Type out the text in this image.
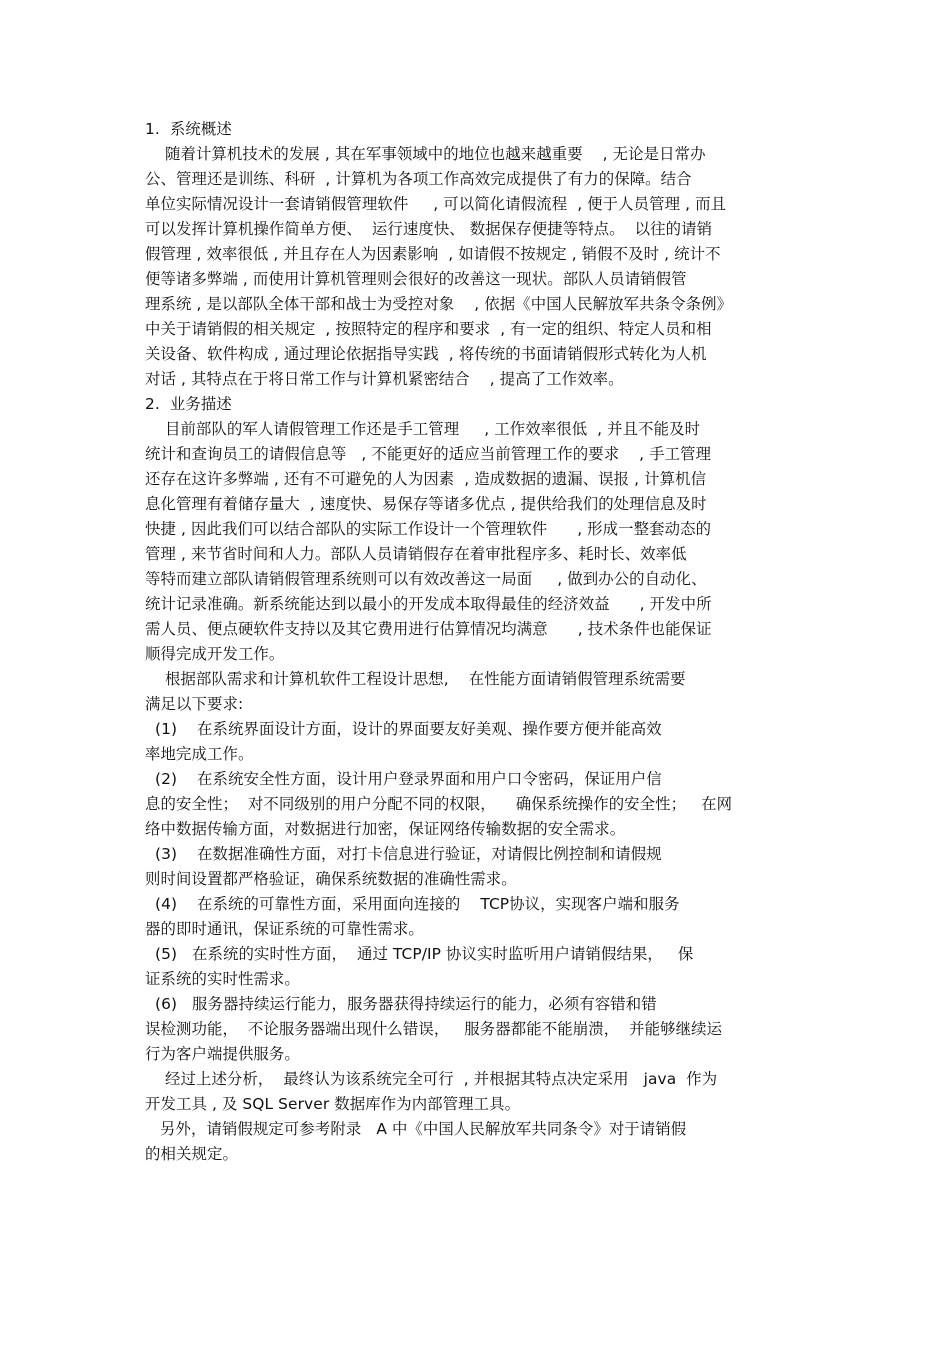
1.  系统概述
随着计算机技术的发展 , 其在军事领域中的地位也越来越重要    , 无论是日常办
公、管理还是训练、科研  , 计算机为各项工作高效完成提供了有力的保障。结合
单位实际情况设计一套请销假管理软件     , 可以简化请假流程  , 便于人员管理 , 而且
可以发挥计算机操作简单方便、  运行速度快、 数据保存便捷等特点。  以往的请销
假管理 , 效率很低 , 并且存在人为因素影响  , 如请假不按规定 , 销假不及时 , 统计不
便等诸多弊端 , 而使用计算机管理则会很好的改善这一现状。部队人员请销假管
理系统 , 是以部队全体干部和战士为受控对象    , 依据《中国人民解放军共条令条例》
中关于请销假的相关规定  , 按照特定的程序和要求  , 有一定的组织、特定人员和相
关设备、软件构成 , 通过理论依据指导实践  , 将传统的书面请销假形式转化为人机
对话 , 其特点在于将日常工作与计算机紧密结合    , 提高了工作效率。
2.  业务描述
目前部队的军人请假管理工作还是手工管理     , 工作效率很低  , 并且不能及时
统计和查询员工的请假信息等   , 不能更好的适应当前管理工作的要求    , 手工管理
还存在这许多弊端 , 还有不可避免的人为因素  , 造成数据的遗漏、误报 , 计算机信
息化管理有着储存量大  , 速度快、易保存等诸多优点 , 提供给我们的处理信息及时
快捷 , 因此我们可以结合部队的实际工作设计一个管理软件      , 形成一整套动态的
管理 , 来节省时间和人力。部队人员请销假存在着审批程序多、耗时长、效率低
等特而建立部队请销假管理系统则可以有效改善这一局面     , 做到办公的自动化、
统计记录准确。新系统能达到以最小的开发成本取得最佳的经济效益      , 开发中所
需人员、便点硬软件支持以及其它费用进行估算情况均满意      , 技术条件也能保证
顺得完成开发工作。
根据部队需求和计算机软件工程设计思想,    在性能方面请销假管理系统需要
满足以下要求:
(1)    在系统界面设计方面，设计的界面要友好美观、操作要方便并能高效
率地完成工作。
(2)    在系统安全性方面，设计用户登录界面和用户口令密码，保证用户信
息的安全性；  对不同级别的用户分配不同的权限，    确保系统操作的安全性；   在网
络中数据传输方面，对数据进行加密，保证网络传输数据的安全需求。
(3)    在数据准确性方面，对打卡信息进行验证，对请假比例控制和请假规
则时间设置都严格验证，确保系统数据的准确性需求。
(4)    在系统的可靠性方面，采用面向连接的    TCP协议，实现客户端和服务
器的即时通讯，保证系统的可靠性需求。
(5)   在系统的实时性方面，  通过 TCP/IP 协议实时监听用户请销假结果，   保
证系统的实时性需求。
(6)   服务器持续运行能力，服务器获得持续运行的能力，必须有容错和错
误检测功能，  不论服务器端出现什么错误，   服务器都能不能崩溃，  并能够继续运
行为客户端提供服务。
经过上述分析，  最终认为该系统完全可行  , 并根据其特点决定采用   java  作为
开发工具 , 及 SQL Server 数据库作为内部管理工具。
另外，请销假规定可参考附录   A 中《中国人民解放军共同条令》对于请销假
的相关规定。
